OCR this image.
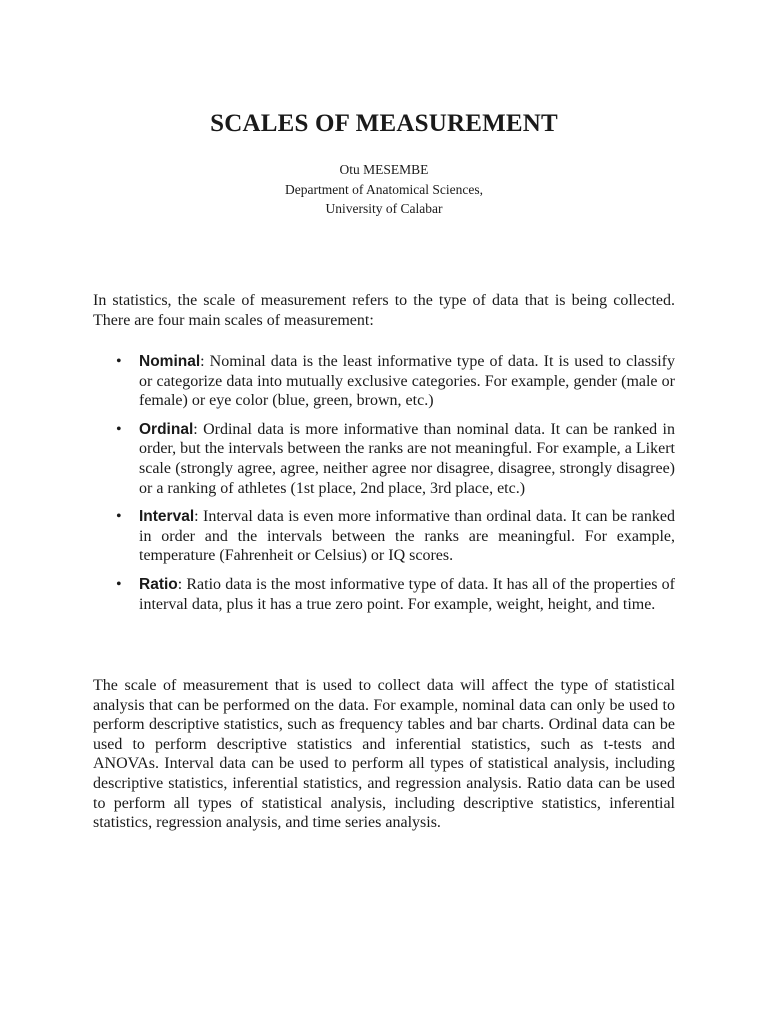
SCALES OF MEASUREMENT
Otu MESEMBE
Department of Anatomical Sciences,
University of Calabar

In statistics, the scale of measurement refers to the type of data that is being collected. There are four main scales of measurement:

• Nominal: Nominal data is the least informative type of data. It is used to classify or categorize data into mutually exclusive categories. For example, gender (male or female) or eye color (blue, green, brown, etc.)
• Ordinal: Ordinal data is more informative than nominal data. It can be ranked in order, but the intervals between the ranks are not meaningful. For example, a Likert scale (strongly agree, agree, neither agree nor disagree, disagree, strongly disagree) or a ranking of athletes (1st place, 2nd place, 3rd place, etc.)
• Interval: Interval data is even more informative than ordinal data. It can be ranked in order and the intervals between the ranks are meaningful. For example, temperature (Fahrenheit or Celsius) or IQ scores.
• Ratio: Ratio data is the most informative type of data. It has all of the properties of interval data, plus it has a true zero point. For example, weight, height, and time.

The scale of measurement that is used to collect data will affect the type of statistical analysis that can be performed on the data. For example, nominal data can only be used to perform descriptive statistics, such as frequency tables and bar charts. Ordinal data can be used to perform descriptive statistics and inferential statistics, such as t-tests and ANOVAs. Interval data can be used to perform all types of statistical analysis, including descriptive statistics, inferential statistics, and regression analysis. Ratio data can be used to perform all types of statistical analysis, including descriptive statistics, inferential statistics, regression analysis, and time series analysis.
